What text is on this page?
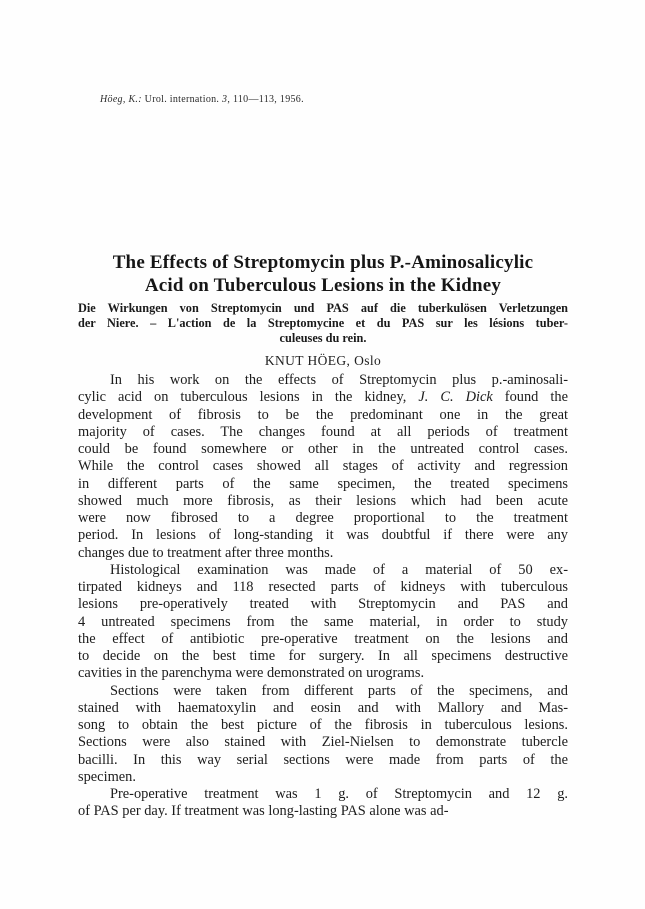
Höeg, K.: Urol. internation. 3, 110—113, 1956.
The Effects of Streptomycin plus P.-Aminosalicylic
Acid on Tuberculous Lesions in the Kidney
Die Wirkungen von Streptomycin und PAS auf die tuberkulösen Verletzungen
der Niere. – L'action de la Streptomycine et du PAS sur les lésions tuber-
culeuses du rein.
KNUT HÖEG, Oslo
In his work on the effects of Streptomycin plus p.-aminosali-
cylic acid on tuberculous lesions in the kidney, J. C. Dick found the
development of fibrosis to be the predominant one in the great
majority of cases. The changes found at all periods of treatment
could be found somewhere or other in the untreated control cases.
While the control cases showed all stages of activity and regression
in different parts of the same specimen, the treated specimens
showed much more fibrosis, as their lesions which had been acute
were now fibrosed to a degree proportional to the treatment
period. In lesions of long-standing it was doubtful if there were any
changes due to treatment after three months.
Histological examination was made of a material of 50 ex-
tirpated kidneys and 118 resected parts of kidneys with tuberculous
lesions pre-operatively treated with Streptomycin and PAS and
4 untreated specimens from the same material, in order to study
the effect of antibiotic pre-operative treatment on the lesions and
to decide on the best time for surgery. In all specimens destructive
cavities in the parenchyma were demonstrated on urograms.
Sections were taken from different parts of the specimens, and
stained with haematoxylin and eosin and with Mallory and Mas-
song to obtain the best picture of the fibrosis in tuberculous lesions.
Sections were also stained with Ziel-Nielsen to demonstrate tubercle
bacilli. In this way serial sections were made from parts of the
specimen.
Pre-operative treatment was 1 g. of Streptomycin and 12 g.
of PAS per day. If treatment was long-lasting PAS alone was ad-
